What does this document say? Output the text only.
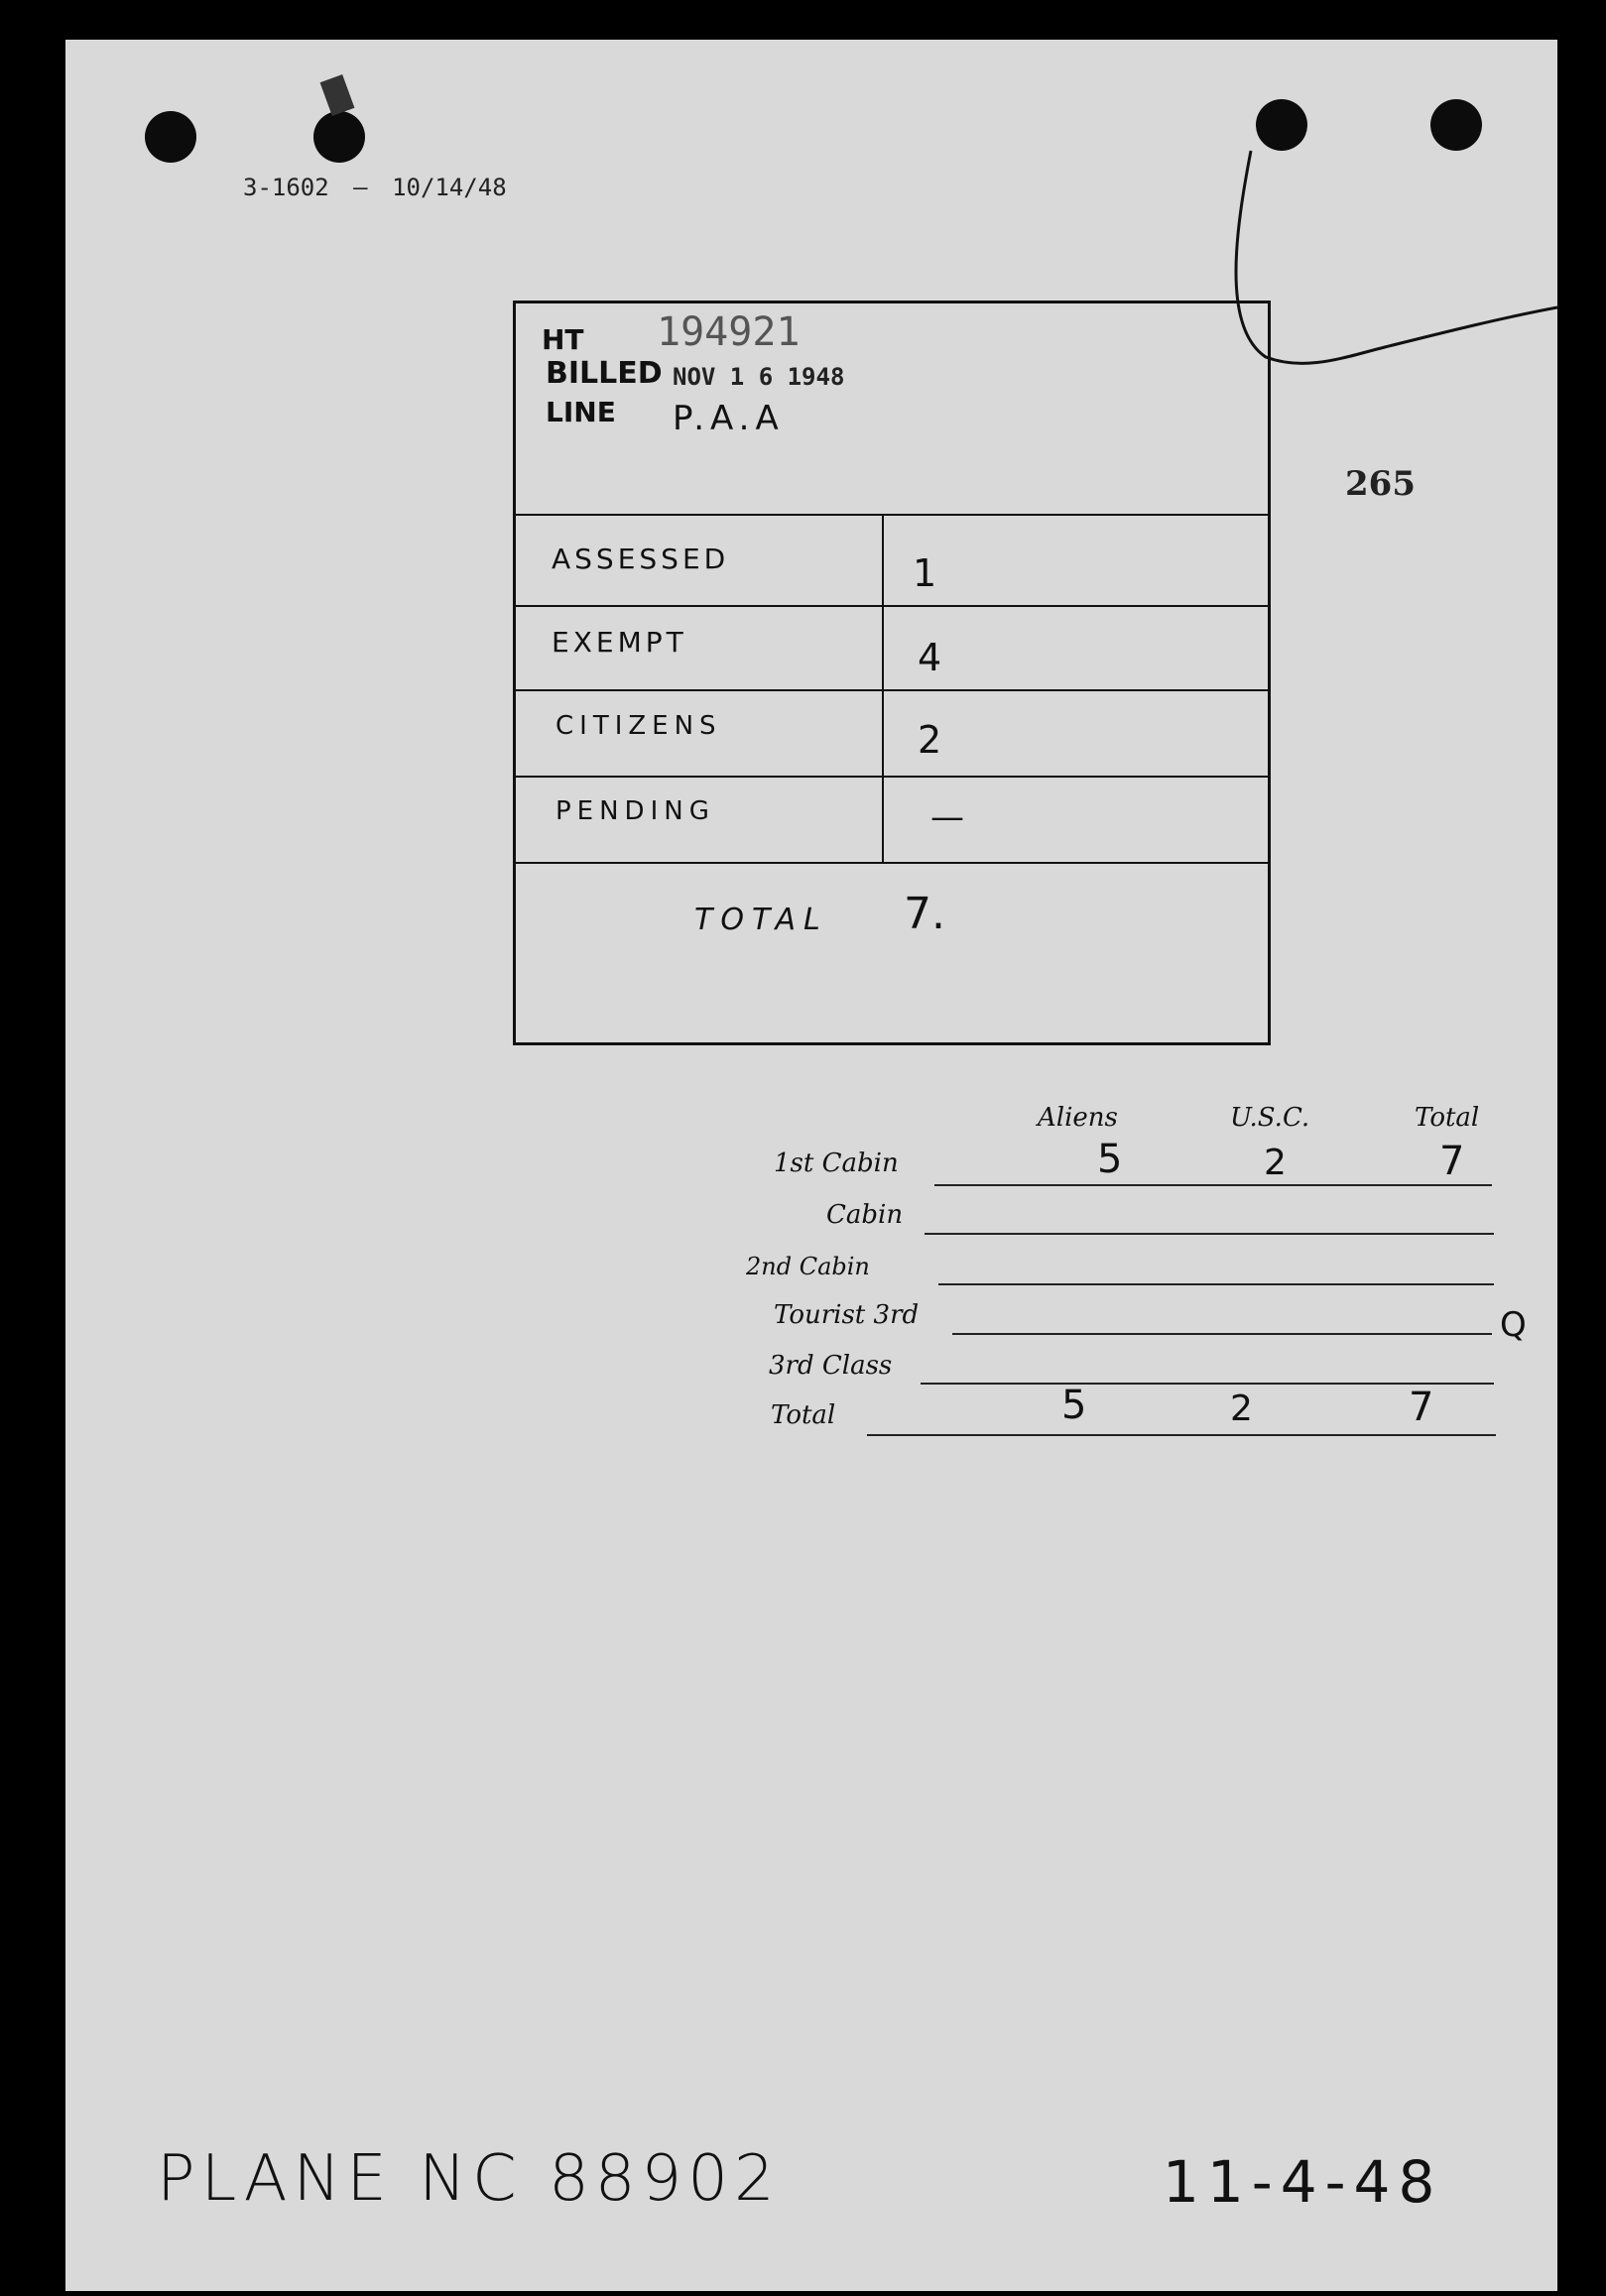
3-1602 — 10/14/48
HT 194921
BILLED NOV 1 6 1948
LINE P.A.A
ASSESSED	1
EXEMPT	4
CITIZENS	2
PENDING	—
TOTAL 7.
265
Aliens	U.S.C.	Total
1st Cabin	5	2	7
Cabin
2nd Cabin
Tourist 3rd	Q
3rd Class
Total	5	2	7
PLANE NC 88902	11-4-48
